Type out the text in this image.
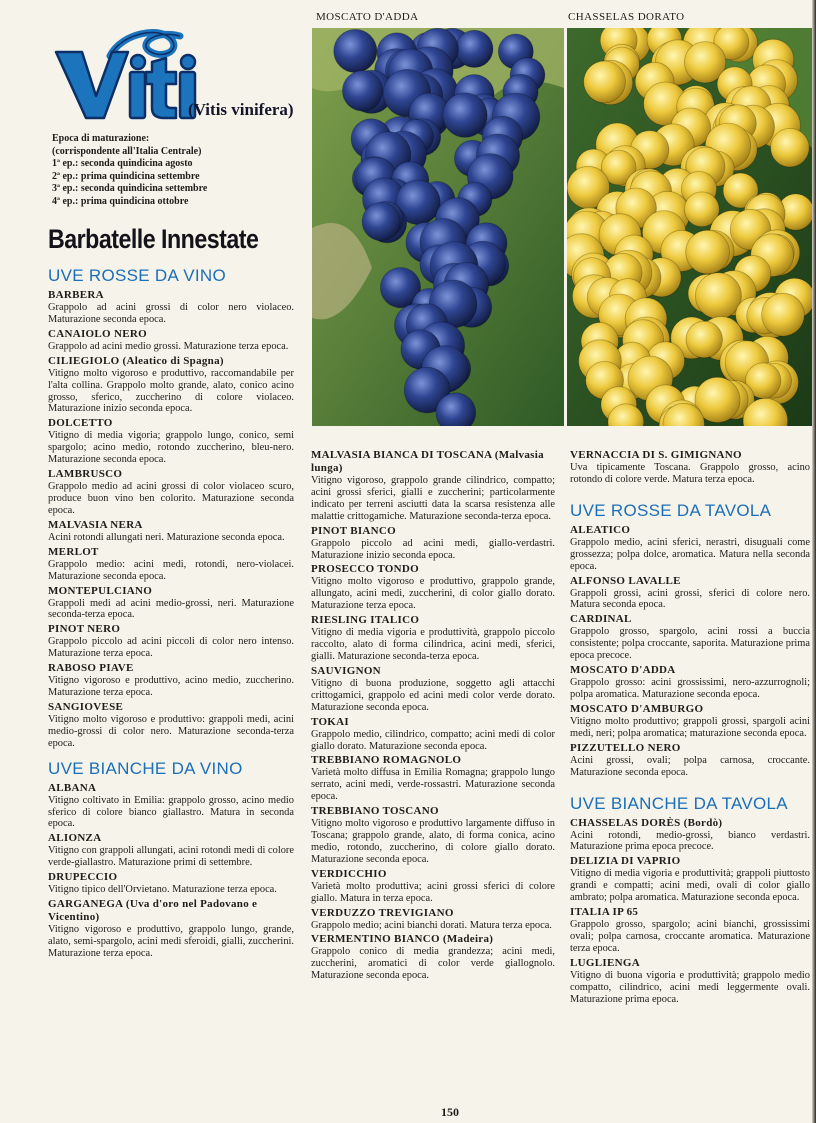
(Vitis vinifera)
Epoca di maturazione:
(corrispondente all'Italia Centrale)
1ª ep.: seconda quindicina agosto
2ª ep.: prima quindicina settembre
3ª ep.: seconda quindicina settembre
4ª ep.: prima quindicina ottobre
Barbatelle Innestate
UVE ROSSE DA VINO
BARBERA
Grappolo ad acini grossi di color nero violaceo. Maturazione seconda epoca.
CANAIOLO NERO
Grappolo ad acini medio grossi. Maturazione terza epoca.
CILIEGIOLO (Aleatico di Spagna)
Vitigno molto vigoroso e produttivo, raccomandabile per l'alta collina. Grappolo molto grande, alato, conico acino grosso, sferico, zuccherino di colore violaceo. Maturazione inizio seconda epoca.
DOLCETTO
Vitigno di media vigoria; grappolo lungo, conico, semi spargolo; acino medio, rotondo zuccherino, bleu-nero. Maturazione seconda epoca.
LAMBRUSCO
Grappolo medio ad acini grossi di color violaceo scuro, produce buon vino ben colorito. Maturazione seconda epoca.
MALVASIA NERA
Acini rotondi allungati neri. Maturazione seconda epoca.
MERLOT
Grappolo medio: acini medi, rotondi, nero-violacei. Maturazione seconda epoca.
MONTEPULCIANO
Grappoli medi ad acini medio-grossi, neri. Maturazione seconda-terza epoca.
PINOT NERO
Grappolo piccolo ad acini piccoli di color nero intenso. Maturazione terza epoca.
RABOSO PIAVE
Vitigno vigoroso e produttivo, acino medio, zuccherino. Maturazione terza epoca.
SANGIOVESE
Vitigno molto vigoroso e produttivo: grappoli medi, acini medio-grossi di color nero. Maturazione seconda-terza epoca.
UVE BIANCHE DA VINO
ALBANA
Vitigno coltivato in Emilia: grappolo grosso, acino medio sferico di colore bianco giallastro. Matura in seconda epoca.
ALIONZA
Vitigno con grappoli allungati, acini rotondi medi di colore verde-giallastro. Maturazione primi di settembre.
DRUPECCIO
Vitigno tipico dell'Orvietano. Maturazione terza epoca.
GARGANEGA (Uva d'oro nel Padovano e Vicentino)
Vitigno vigoroso e produttivo, grappolo lungo, grande, alato, semi-spargolo, acini medi sferoidi, gialli, zuccherini. Maturazione terza epoca.
MOSCATO D'ADDA	CHASSELAS DORATO
MALVASIA BIANCA DI TOSCANA (Malvasia lunga)
Vitigno vigoroso, grappolo grande cilindrico, compatto; acini grossi sferici, gialli e zuccherini; particolarmente indicato per terreni asciutti data la scarsa resistenza alle malattie crittogamiche. Maturazione seconda-terza epoca.
PINOT BIANCO
Grappolo piccolo ad acini medi, giallo-verdastri. Maturazione inizio seconda epoca.
PROSECCO TONDO
Vitigno molto vigoroso e produttivo, grappolo grande, allungato, acini medi, zuccherini, di color giallo dorato. Maturazione terza epoca.
RIESLING ITALICO
Vitigno di media vigoria e produttività, grappolo piccolo raccolto, alato di forma cilindrica, acini medi, sferici, gialli. Maturazione seconda-terza epoca.
SAUVIGNON
Vitigno di buona produzione, soggetto agli attacchi crittogamici, grappolo ed acini medi color verde dorato. Maturazione seconda epoca.
TOKAI
Grappolo medio, cilindrico, compatto; acini medi di color giallo dorato. Maturazione seconda epoca.
TREBBIANO ROMAGNOLO
Varietà molto diffusa in Emilia Romagna; grappolo lungo serrato, acini medi, verde-rossastri. Maturazione seconda epoca.
TREBBIANO TOSCANO
Vitigno molto vigoroso e produttivo largamente diffuso in Toscana; grappolo grande, alato, di forma conica, acino medio, rotondo, zuccherino, di colore giallo dorato. Maturazione seconda epoca.
VERDICCHIO
Varietà molto produttiva; acini grossi sferici di colore giallo. Matura in terza epoca.
VERDUZZO TREVIGIANO
Grappolo medio; acini bianchi dorati. Matura terza epoca.
VERMENTINO BIANCO (Madeira)
Grappolo conico di media grandezza; acini medi, zuccherini, aromatici di color verde giallognolo. Maturazione seconda epoca.
VERNACCIA DI S. GIMIGNANO
Uva tipicamente Toscana. Grappolo grosso, acino rotondo di colore verde. Matura terza epoca.
UVE ROSSE DA TAVOLA
ALEATICO
Grappolo medio, acini sferici, nerastri, disuguali come grossezza; polpa dolce, aromatica. Matura nella seconda epoca.
ALFONSO LAVALLE
Grappoli grossi, acini grossi, sferici di colore nero. Matura seconda epoca.
CARDINAL
Grappolo grosso, spargolo, acini rossi a buccia consistente; polpa croccante, saporita. Maturazione prima epoca precoce.
MOSCATO D'ADDA
Grappolo grosso: acini grossissimi, nero-azzurrognoli; polpa aromatica. Maturazione seconda epoca.
MOSCATO D'AMBURGO
Vitigno molto produttivo; grappoli grossi, spargoli acini medi, neri; polpa aromatica; maturazione seconda epoca.
PIZZUTELLO NERO
Acini grossi, ovali; polpa carnosa, croccante. Maturazione seconda epoca.
UVE BIANCHE DA TAVOLA
CHASSELAS DORÈS (Bordò)
Acini rotondi, medio-grossi, bianco verdastri. Maturazione prima epoca precoce.
DELIZIA DI VAPRIO
Vitigno di media vigoria e produttività; grappoli piuttosto grandi e compatti; acini medi, ovali di color giallo ambrato; polpa aromatica. Maturazione seconda epoca.
ITALIA IP 65
Grappolo grosso, spargolo; acini bianchi, grossissimi ovali; polpa carnosa, croccante aromatica. Maturazione terza epoca.
LUGLIENGA
Vitigno di buona vigoria e produttività; grappolo medio compatto, cilindrico, acini medi leggermente ovali. Maturazione prima epoca.
150
